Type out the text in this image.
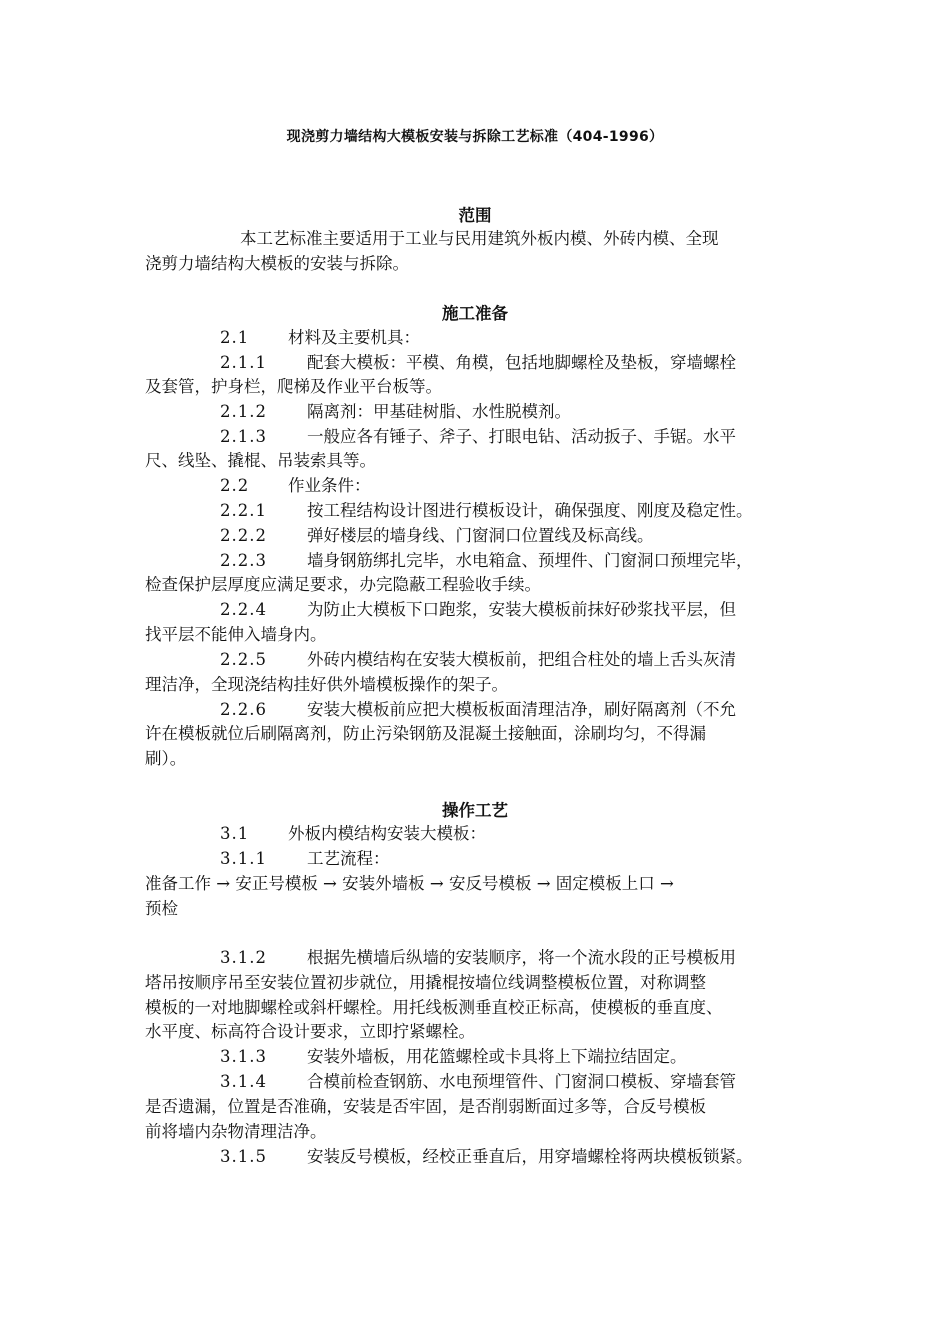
现浇剪力墙结构大模板安装与拆除工艺标准（404-1996）
范围
本工艺标准主要适用于工业与民用建筑外板内模、外砖内模、全现
浇剪力墙结构大模板的安装与拆除。
施工准备
2.1 材料及主要机具：
2.1.1 配套大模板：平模、角模，包括地脚螺栓及垫板，穿墙螺栓
及套管，护身栏，爬梯及作业平台板等。
2.1.2 隔离剂：甲基硅树脂、水性脱模剂。
2.1.3 一般应各有锤子、斧子、打眼电钻、活动扳子、手锯。水平
尺、线坠、撬棍、吊装索具等。
2.2 作业条件：
2.2.1 按工程结构设计图进行模板设计，确保强度、刚度及稳定性。
2.2.2 弹好楼层的墙身线、门窗洞口位置线及标高线。
2.2.3 墙身钢筋绑扎完毕，水电箱盒、预埋件、门窗洞口预埋完毕，
检查保护层厚度应满足要求，办完隐蔽工程验收手续。
2.2.4 为防止大模板下口跑浆，安装大模板前抹好砂浆找平层，但
找平层不能伸入墙身内。
2.2.5 外砖内模结构在安装大模板前，把组合柱处的墙上舌头灰清
理洁净，全现浇结构挂好供外墙模板操作的架子。
2.2.6 安装大模板前应把大模板板面清理洁净，刷好隔离剂（不允
许在模板就位后刷隔离剂，防止污染钢筋及混凝土接触面，涂刷均匀，不得漏
刷）。
操作工艺
3.1 外板内模结构安装大模板：
3.1.1 工艺流程：
准备工作 → 安正号模板 → 安装外墙板 → 安反号模板 → 固定模板上口 →
预检
3.1.2 根据先横墙后纵墙的安装顺序，将一个流水段的正号模板用
塔吊按顺序吊至安装位置初步就位，用撬棍按墙位线调整模板位置，对称调整
模板的一对地脚螺栓或斜杆螺栓。用托线板测垂直校正标高，使模板的垂直度、
水平度、标高符合设计要求，立即拧紧螺栓。
3.1.3 安装外墙板，用花篮螺栓或卡具将上下端拉结固定。
3.1.4 合模前检查钢筋、水电预埋管件、门窗洞口模板、穿墙套管
是否遗漏，位置是否准确，安装是否牢固，是否削弱断面过多等，合反号模板
前将墙内杂物清理洁净。
3.1.5 安装反号模板，经校正垂直后，用穿墙螺栓将两块模板锁紧。
